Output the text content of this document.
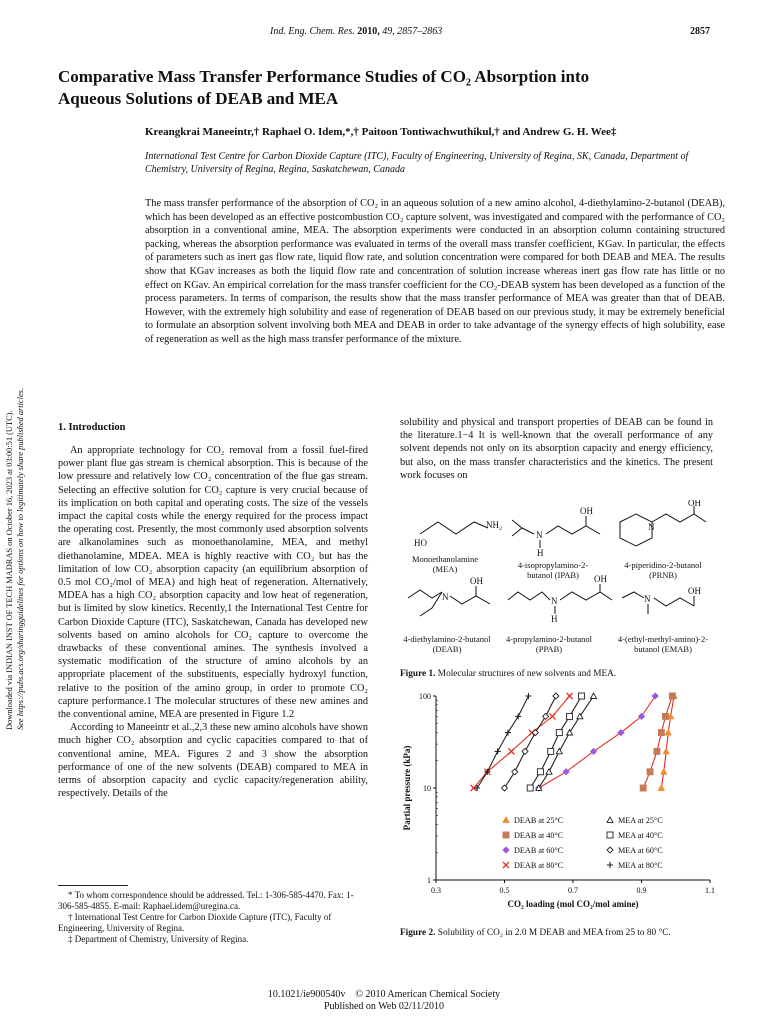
Ind. Eng. Chem. Res. 2010, 49, 2857–2863	2857
Comparative Mass Transfer Performance Studies of CO₂ Absorption into
Aqueous Solutions of DEAB and MEA
Kreangkrai Maneeintr,† Raphael O. Idem,*,† Paitoon Tontiwachwuthikul,† and Andrew G. H. Wee‡
International Test Centre for Carbon Dioxide Capture (ITC), Faculty of Engineering, University of Regina, SK, Canada, Department of Chemistry, University of Regina, Regina, Saskatchewan, Canada
The mass transfer performance of the absorption of CO₂ in an aqueous solution of a new amino alcohol, 4-diethylamino-2-butanol (DEAB), which has been developed as an effective postcombustion CO₂ capture solvent, was investigated and compared with the performance of CO₂ absorption in a conventional amine, MEA. The absorption experiments were conducted in an absorption column containing structured packing, whereas the absorption performance was evaluated in terms of the overall mass transfer coefficient, KGav. In particular, the effects of parameters such as inert gas flow rate, liquid flow rate, and solution concentration were compared for both DEAB and MEA. The results show that KGav increases as both the liquid flow rate and concentration of solution increase whereas inert gas flow rate has little or no effect on KGav. An empirical correlation for the mass transfer coefficient for the CO₂-DEAB system has been developed as a function of the process parameters. In terms of comparison, the results show that the mass transfer performance of MEA was greater than that of DEAB. However, with the extremely high solubility and ease of regeneration of DEAB based on our previous study, it may be extremely beneficial to formulate an absorption solvent involving both MEA and DEAB in order to take advantage of the synergy effects of high solubility, ease of regeneration as well as the high mass transfer performance of the mixture.
Downloaded via INDIAN INST OF TECH MADRAS on October 16, 2023 at 03:00:51 (UTC). See https://pubs.acs.org/sharingguidelines for options on how to legitimately share published articles.	1. Introduction

An appropriate technology for CO₂ removal from a fossil fuel-fired power plant flue gas stream is chemical absorption. This is because of the low pressure and relatively low CO₂ concentration of the flue gas stream. Selecting an effective solution for CO₂ capture is very crucial because of its implication on both capital and operating costs. The size of the vessels impact the capital costs while the energy required for the process impact the operating cost. Presently, the most commonly used absorption solvents are alkanolamines such as monoethanolamine, MEA, and methyl diethanolamine, MDEA. MEA is highly reactive with CO₂ but has the limitation of low CO₂ absorption capacity (an equilibrium absorption of 0.5 mol CO₂/mol of MEA) and high heat of regeneration. Alternatively, MDEA has a high CO₂ absorption capacity and low heat of regeneration, but is limited by slow kinetics. Recently,1 the International Test Centre for Carbon Dioxide Capture (ITC), Saskatchewan, Canada has developed new solvents based on amino alcohols for CO₂ capture to overcome the drawbacks of these conventional amines. The synthesis involved a systematic modification of the structure of amino alcohols by an appropriate placement of the substituents, especially hydroxyl function, relative to the position of the amino group, in order to promote CO₂ capture performance.1 The molecular structures of these new amines and the conventional amine, MEA are presented in Figure 1.2

According to Maneeintr et al.,2,3 these new amino alcohols have shown much higher CO₂ absorption and cyclic capacities compared to that of conventional amine, MEA. Figures 2 and 3 show the absorption performance of one of the new solvents (DEAB) compared to MEA in terms of absorption capacity and cyclic capacity/regeneration ability, respectively. Details of the

* To whom correspondence should be addressed. Tel.: 1-306-585-4470. Fax: 1-306-585-4855. E-mail: Raphael.idem@uregina.ca.

† International Test Centre for Carbon Dioxide Capture (ITC), Faculty of Engineering, University of Regina.

‡ Department of Chemistry, University of Regina.

solubility and physical and transport properties of DEAB can be found in the literature.1−4 It is well-known that the overall performance of any solvent depends not only on its absorption capacity and energy efficiency, but also, on the mass transfer characteristics and the kinetics. The present work focuses on
HO
NH₂
N
H
OH
N
OH
N
OH
N
H
OH
N
OH
Monoethanolamine (MEA)	4-isopropylamino-2-butanol (IPAB)
4-piperidino-2-butanol (PRNB)
4-diethylamino-2-butanol (DEAB)
4-propylamino-2-butanol (PPAB)
4-(ethyl-methyl-amino)-2-butanol (EMAB)
Figure 1. Molecular structures of new solvents and MEA.
0.3	0.5	0.7	0.9	1.1
1
10
100
CO₂ loading (mol CO₂/mol amine)
Partial pressure (kPa)	DEAB at 25°C
DEAB at 40°C
DEAB at 60°C
DEAB at 80°C
MEA at 25°C
MEA at 40°C
MEA at 60°C
MEA at 80°C
Figure 2. Solubility of CO₂ in 2.0 M DEAB and MEA from 25 to 80 °C.
10.1021/ie900540v © 2010 American Chemical Society
Published on Web 02/11/2010
